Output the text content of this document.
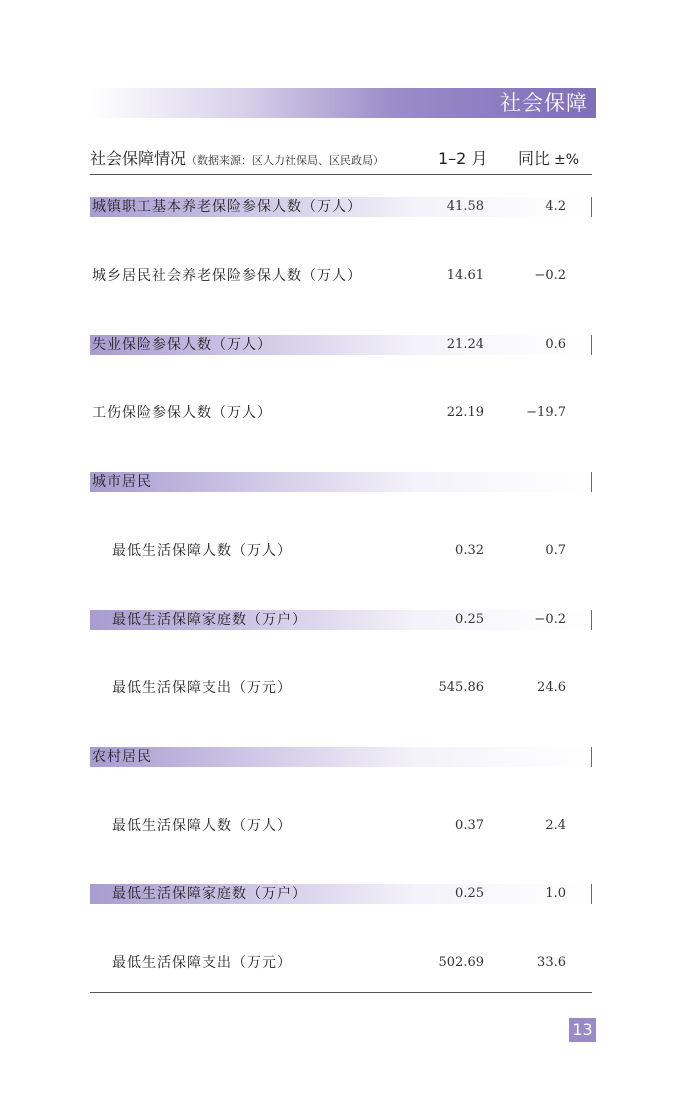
社会保障
社会保障情况（数据来源：区人力社保局、区民政局）	1–2 月 同比 ±%
城镇职工基本养老保险参保人数（万人）	41.58	4.2
城乡居民社会养老保险参保人数（万人）	14.61	−0.2
失业保险参保人数（万人）	21.24	0.6
工伤保险参保人数（万人）	22.19	−19.7
城市居民
最低生活保障人数（万人）	0.32	0.7
最低生活保障家庭数（万户）	0.25	−0.2
最低生活保障支出（万元）	545.86	24.6
农村居民
最低生活保障人数（万人）	0.37	2.4
最低生活保障家庭数（万户）	0.25	1.0
最低生活保障支出（万元）	502.69	33.6
13
